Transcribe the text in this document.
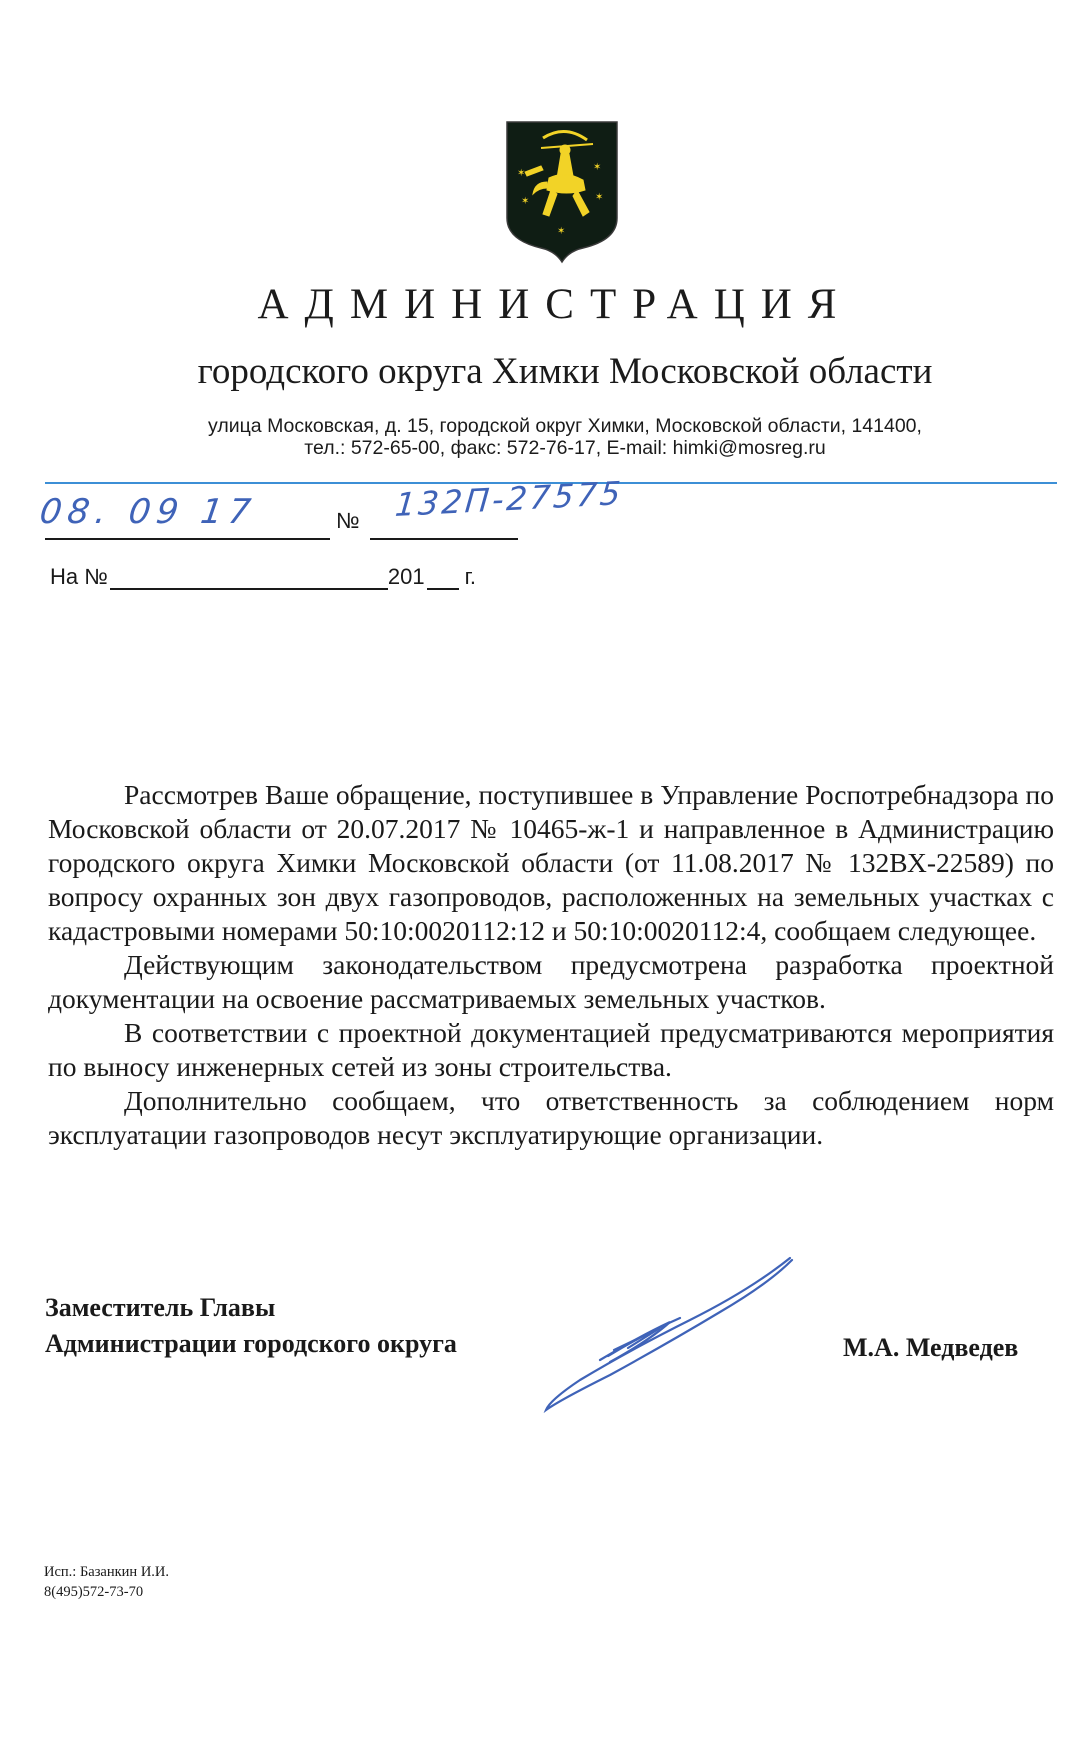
✶
✶
✶	✶
✶
АДМИНИСТРАЦИЯ
городского округа Химки Московской области
улица Московская, д. 15, городской округ Химки, Московской области, 141400,
тел.: 572-65-00, факс: 572-76-17, E-mail: himki@mosreg.ru
08. 09 17	№ 132П-27575
На №	201 г.

Рассмотрев Ваше обращение, поступившее в Управление Роспотребнадзора по Московской области от 20.07.2017 № 10465-ж-1 и направленное в Администрацию городского округа Химки Московской области (от 11.08.2017 № 132ВХ-22589) по вопросу охранных зон двух газопроводов, расположенных на земельных участках с кадастровыми номерами 50:10:0020112:12 и 50:10:0020112:4, сообщаем следующее.

Действующим законодательством предусмотрена разработка проектной документации на освоение рассматриваемых земельных участков.

В соответствии с проектной документацией предусматриваются мероприятия по выносу инженерных сетей из зоны строительства.

Дополнительно сообщаем, что ответственность за соблюдением норм эксплуатации газопроводов несут эксплуатирующие организации.

Заместитель Главы
Администрации городского округа	М.А. Медведев
Исп.: Базанкин И.И.
8(495)572-73-70
